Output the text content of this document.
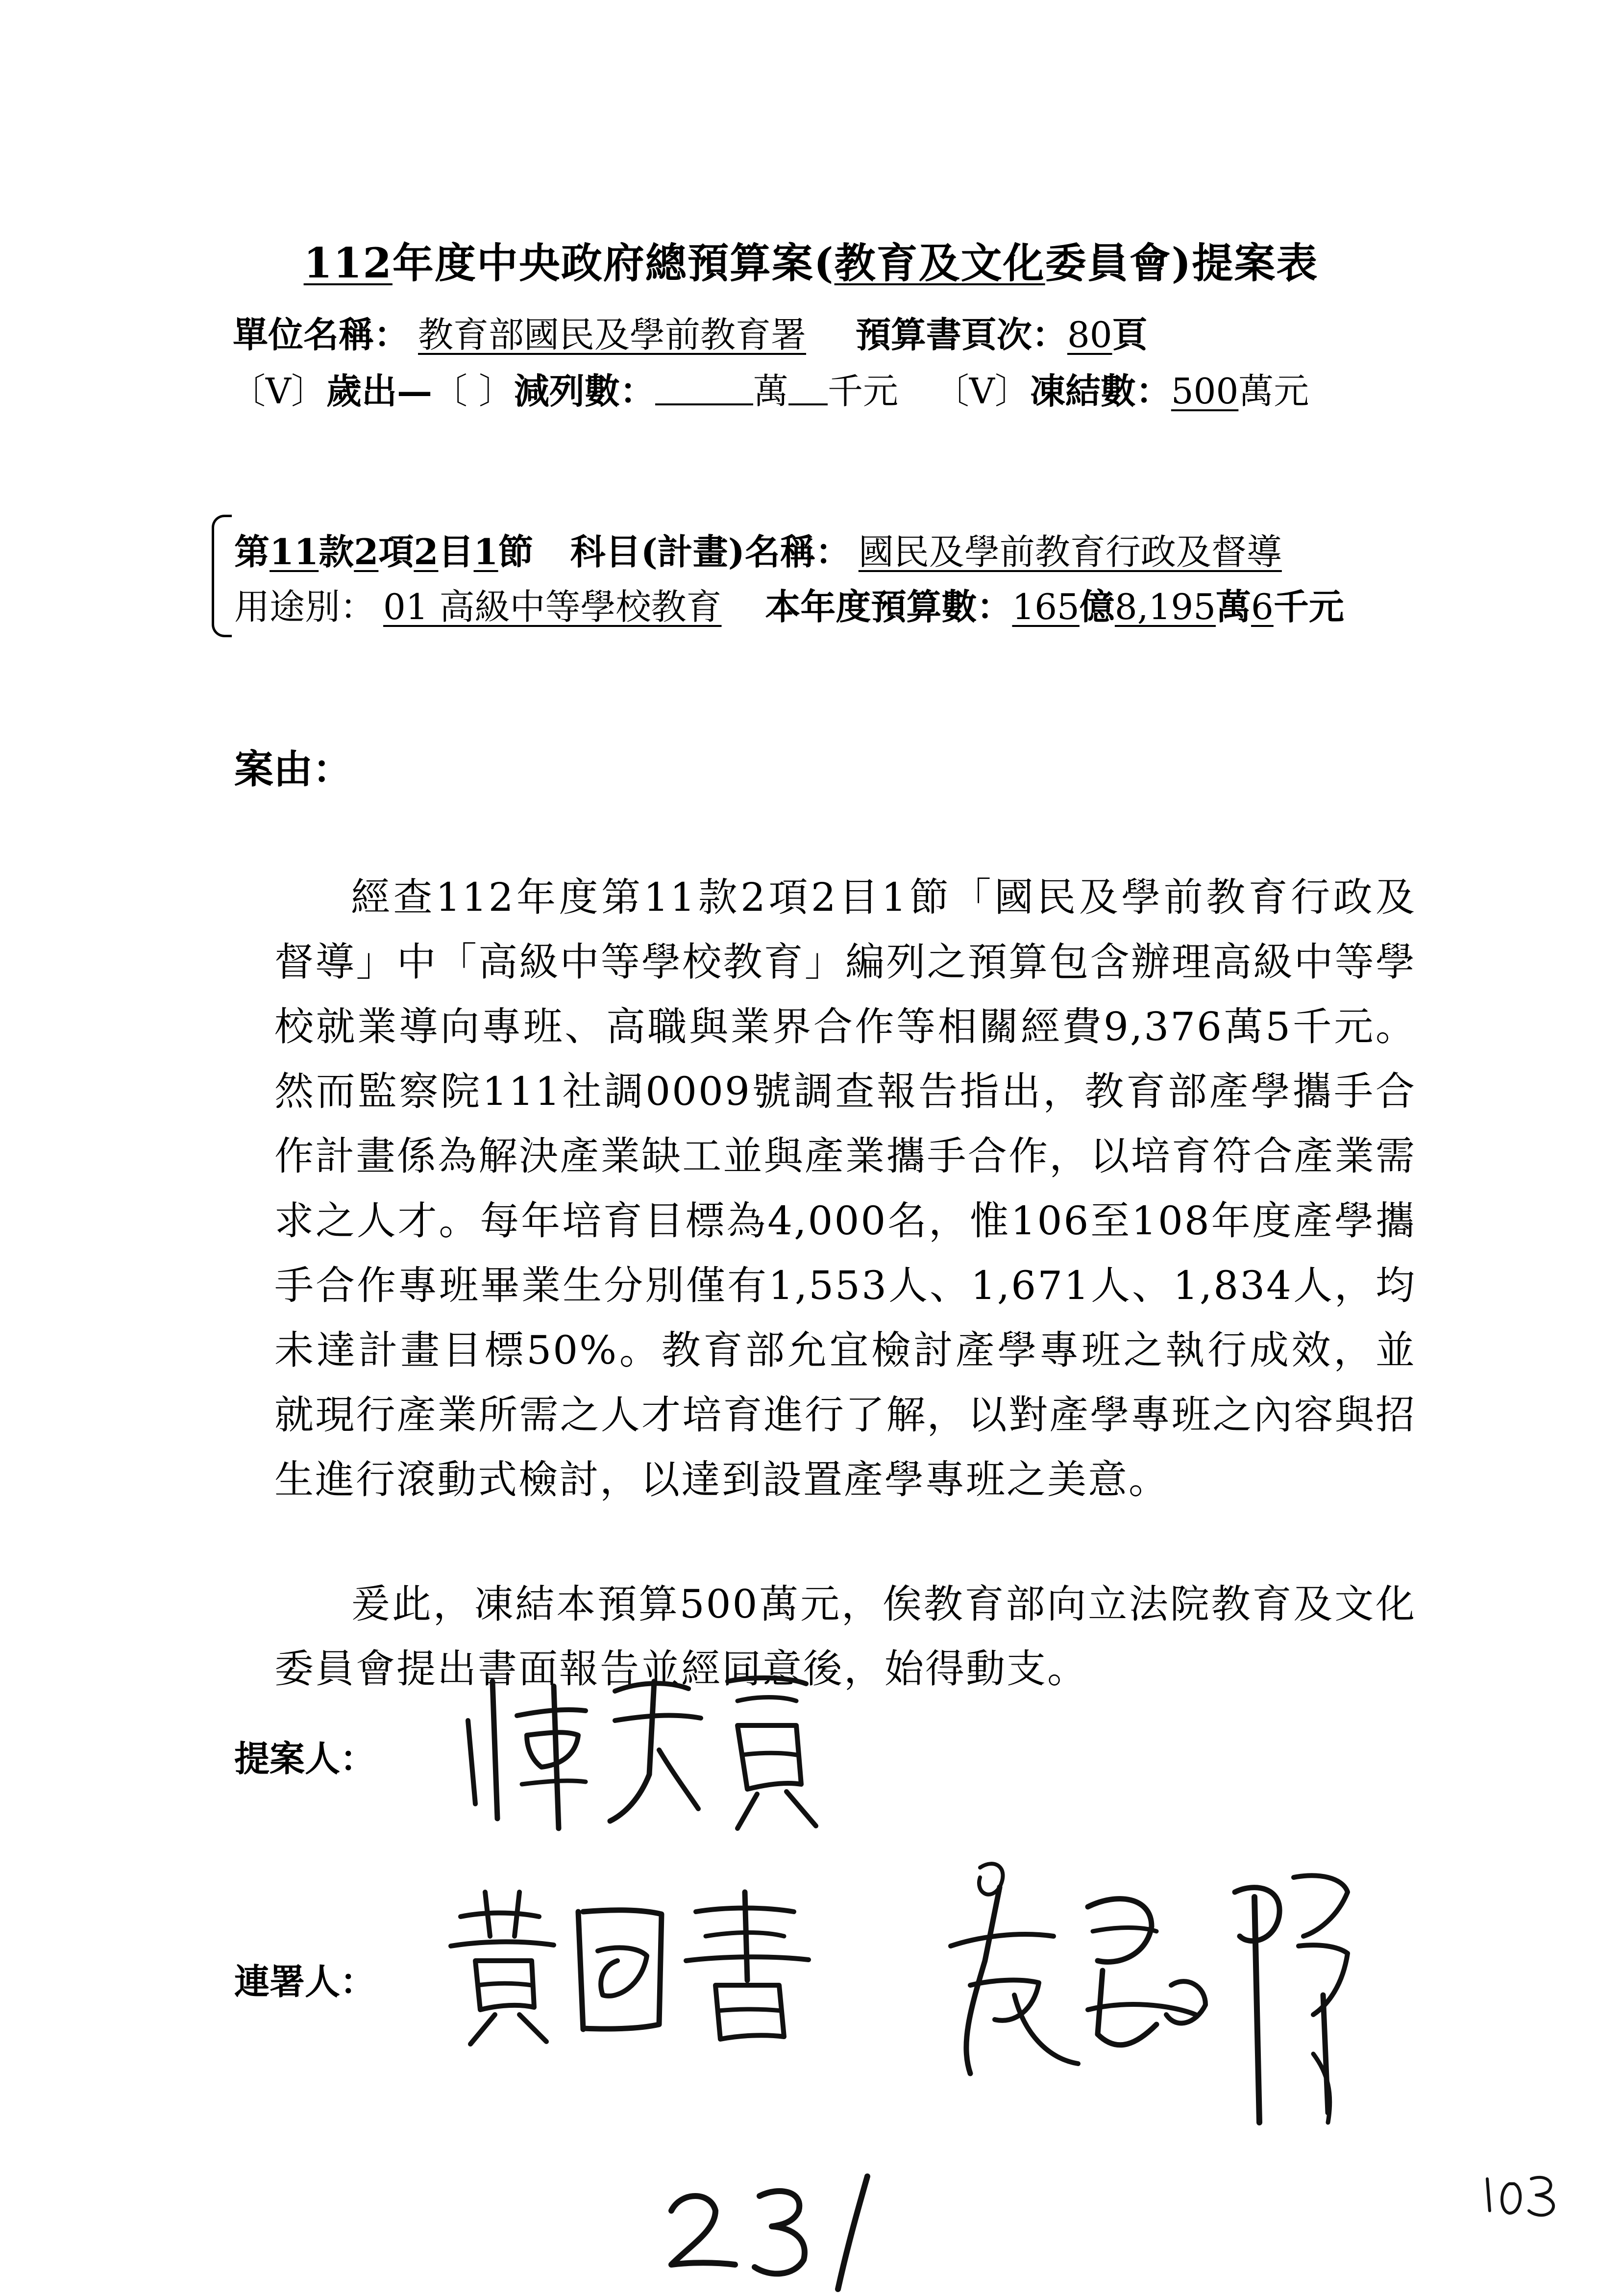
112年度中央政府總預算案(教育及文化委員會)提案表
單位名稱： 教育部國民及學前教育署 預算書頁次：80頁
〔V〕歲出—〔 〕減列數：	萬 千元 〔V〕凍結數：500萬元
第11款2項2目1節 科目(計畫)名稱： 國民及學前教育行政及督導
用途別： 01 高級中等學校教育 本年度預算數：165億8,195萬6千元
案由：

經查112年度第11款2項2目1節「國民及學前教育行政及督導」中「高級中等學校教育」編列之預算包含辦理高級中等學校就業導向專班、高職與業界合作等相關經費9,376萬5千元。然而監察院111社調0009號調查報告指出，教育部產學攜手合作計畫係為解決產業缺工並與產業攜手合作，以培育符合產業需求之人才。每年培育目標為4,000名，惟106至108年度產學攜手合作專班畢業生分別僅有1,553人、1,671人、1,834人，均未達計畫目標50%。教育部允宜檢討產學專班之執行成效，並就現行產業所需之人才培育進行了解，以對產學專班之內容與招生進行滾動式檢討，以達到設置產學專班之美意。

爰此，凍結本預算500萬元，俟教育部向立法院教育及文化委員會提出書面報告並經同意後，始得動支。

提案人：
連署人：
